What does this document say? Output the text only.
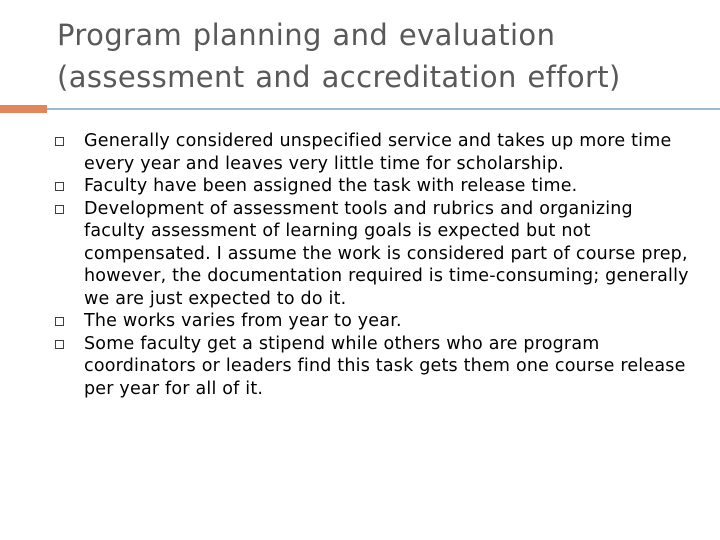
Program planning and evaluation
(assessment and accreditation effort)
Generally considered unspecified service and takes up more time every year and leaves very little time for scholarship.
Faculty have been assigned the task with release time.
Development of assessment tools and rubrics and organizing faculty assessment of learning goals is expected but not compensated. I assume the work is considered part of course prep, however, the documentation required is time-consuming; generally we are just expected to do it.
The works varies from year to year.
Some faculty get a stipend while others who are program coordinators or leaders find this task gets them one course release per year for all of it.
